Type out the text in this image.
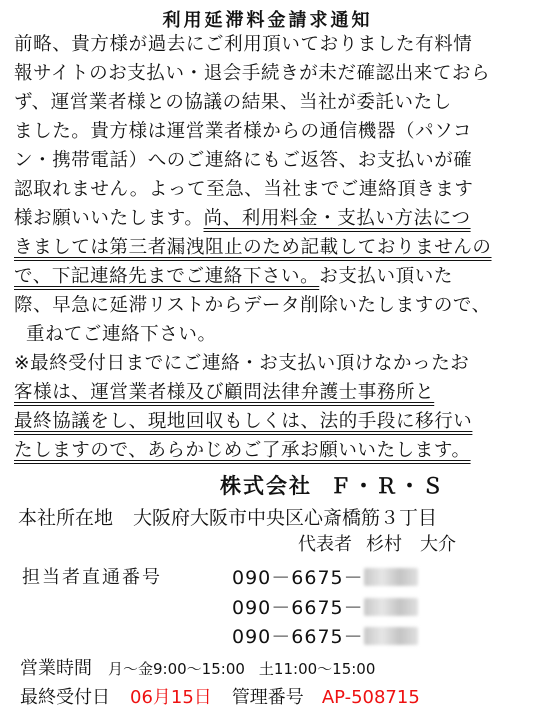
利用延滞料金請求通知
前略、貴方様が過去にご利用頂いておりました有料情
報サイトのお支払い・退会手続きが未だ確認出来ておら
ず、運営業者様との協議の結果、当社が委託いたし
ました。貴方様は運営業者様からの通信機器（パソコ
ン・携帯電話）へのご連絡にもご返答、お支払いが確
認取れません。よって至急、当社までご連絡頂きます
様お願いいたします。尚、利用料金・支払い方法につ
きましては第三者漏洩阻止のため記載しておりませんの
で、下記連絡先までご連絡下さい。お支払い頂いた
際、早急に延滞リストからデータ削除いたしますので、
重ねてご連絡下さい。
※最終受付日までにご連絡・お支払い頂けなかったお
客様は、運営業者様及び顧問法律弁護士事務所と
最終協議をし、現地回収もしくは、法的手段に移行い
たしますので、あらかじめご了承お願いいたします。
株式会社 Ｆ・Ｒ・Ｓ
本社所在地 大阪府大阪市中央区心斎橋筋３丁目
代表者 杉村　大介
担当者直通番号	090－6675－
090－6675－
090－6675－
営業時間 月～金9:00～15:00 土11:00～15:00
最終受付日 06月15日 管理番号 AP-508715
